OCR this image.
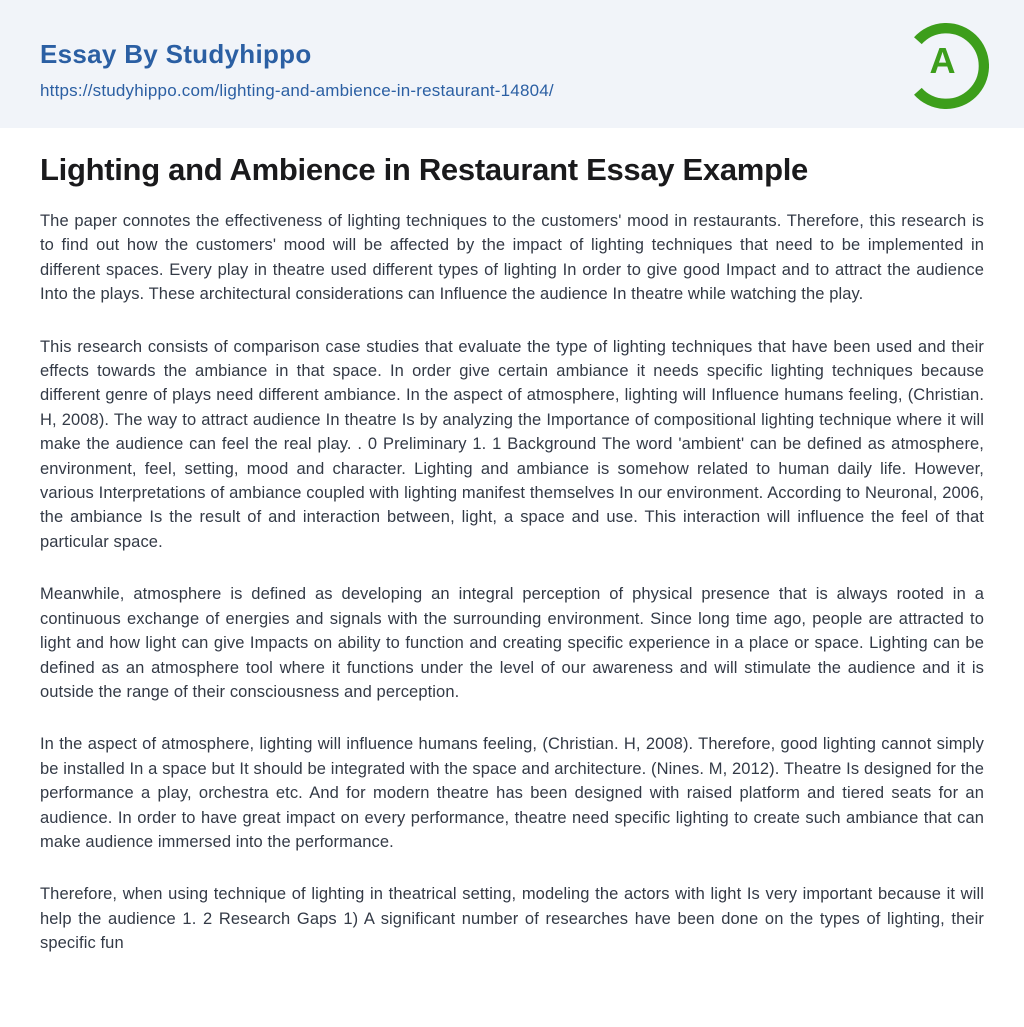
Essay By Studyhippo
https://studyhippo.com/lighting-and-ambience-in-restaurant-14804/
A
Lighting and Ambience in Restaurant Essay Example

The paper connotes the effectiveness of lighting techniques to the customers' mood in restaurants. Therefore, this research is to find out how the customers' mood will be affected by the impact of lighting techniques that need to be implemented in different spaces. Every play in theatre used different types of lighting In order to give good Impact and to attract the audience Into the plays. These architectural considerations can Influence the audience In theatre while watching the play.

This research consists of comparison case studies that evaluate the type of lighting techniques that have been used and their effects towards the ambiance in that space. In order give certain ambiance it needs specific lighting techniques because different genre of plays need different ambiance. In the aspect of atmosphere, lighting will Influence humans feeling, (Christian. H, 2008). The way to attract audience In theatre Is by analyzing the Importance of compositional lighting technique where it will make the audience can feel the real play. . 0 Preliminary 1. 1 Background The word 'ambient' can be defined as atmosphere, environment, feel, setting, mood and character. Lighting and ambiance is somehow related to human daily life. However, various Interpretations of ambiance coupled with lighting manifest themselves In our environment. According to Neuronal, 2006, the ambiance Is the result of and interaction between, light, a space and use. This interaction will influence the feel of that particular space.

Meanwhile, atmosphere is defined as developing an integral perception of physical presence that is always rooted in a continuous exchange of energies and signals with the surrounding environment. Since long time ago, people are attracted to light and how light can give Impacts on ability to function and creating specific experience in a place or space. Lighting can be defined as an atmosphere tool where it functions under the level of our awareness and will stimulate the audience and it is outside the range of their consciousness and perception.

In the aspect of atmosphere, lighting will influence humans feeling, (Christian. H, 2008). Therefore, good lighting cannot simply be installed In a space but It should be integrated with the space and architecture. (Nines. M, 2012). Theatre Is designed for the performance a play, orchestra etc. And for modern theatre has been designed with raised platform and tiered seats for an audience. In order to have great impact on every performance, theatre need specific lighting to create such ambiance that can make audience immersed into the performance.

Therefore, when using technique of lighting in theatrical setting, modeling the actors with light Is very important because it will help the audience 1. 2 Research Gaps 1) A significant number of researches have been done on the types of lighting, their specific fun
